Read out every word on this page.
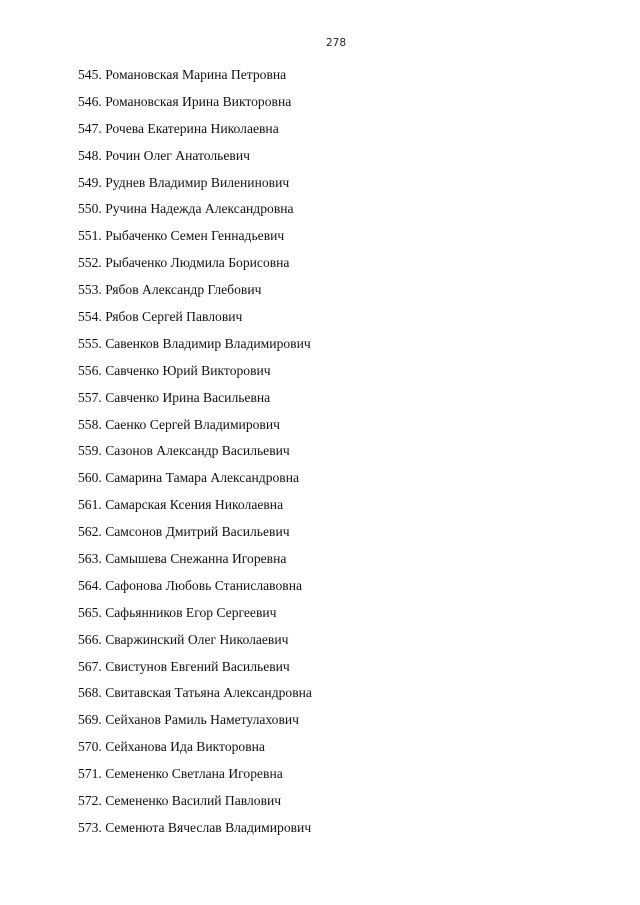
278
545. Романовская Марина Петровна
546. Романовская Ирина Викторовна
547. Рочева Екатерина Николаевна
548. Рочин Олег Анатольевич
549. Руднев Владимир Виленинович
550. Ручина Надежда Александровна
551. Рыбаченко Семен Геннадьевич
552. Рыбаченко Людмила Борисовна
553. Рябов Александр Глебович
554. Рябов Сергей Павлович
555. Савенков Владимир Владимирович
556. Савченко Юрий Викторович
557. Савченко Ирина Васильевна
558. Саенко Сергей Владимирович
559. Сазонов Александр Васильевич
560. Самарина Тамара Александровна
561. Самарская Ксения Николаевна
562. Самсонов Дмитрий Васильевич
563. Самышева Снежанна Игоревна
564. Сафонова Любовь Станиславовна
565. Сафьянников Егор Сергеевич
566. Сваржинский Олег Николаевич
567. Свистунов Евгений Васильевич
568. Свитавская Татьяна Александровна
569. Сейханов Рамиль Наметулахович
570. Сейханова Ида Викторовна
571. Семененко Светлана Игоревна
572. Семененко Василий Павлович
573. Семенюта Вячеслав Владимирович
